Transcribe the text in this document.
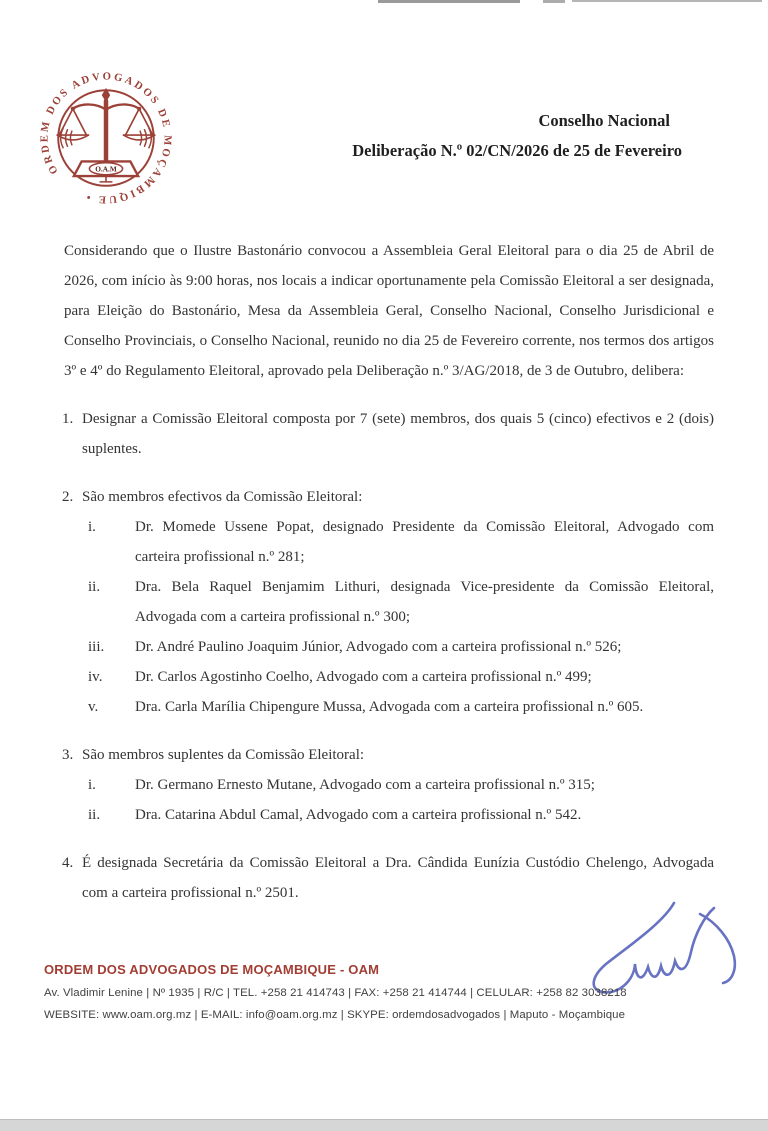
ORDEM DOS ADVOGADOS DE MOÇAMBIQUE •
O.A.M
Conselho Nacional
Deliberação N.º 02/CN/2026 de 25 de Fevereiro

Considerando que o Ilustre Bastonário convocou a Assembleia Geral Eleitoral para o dia 25 de Abril de 2026, com início às 9:00 horas, nos locais a indicar oportunamente pela Comissão Eleitoral a ser designada, para Eleição do Bastonário, Mesa da Assembleia Geral, Conselho Nacional, Conselho Jurisdicional e Conselho Provinciais, o Conselho Nacional, reunido no dia 25 de Fevereiro corrente, nos termos dos artigos 3º e 4º do Regulamento Eleitoral, aprovado pela Deliberação n.º 3/AG/2018, de 3 de Outubro, delibera:

1. Designar a Comissão Eleitoral composta por 7 (sete) membros, dos quais 5 (cinco) efectivos e 2 (dois) suplentes.
2. São membros efectivos da Comissão Eleitoral:
i.	Dr. Momede Ussene Popat, designado Presidente da Comissão Eleitoral, Advogado com carteira profissional n.º 281;
ii.	Dra. Bela Raquel Benjamim Lithuri, designada Vice-presidente da Comissão Eleitoral, Advogada com a carteira profissional n.º 300;
iii.	Dr. André Paulino Joaquim Júnior, Advogado com a carteira profissional n.º 526;
iv.	Dr. Carlos Agostinho Coelho, Advogado com a carteira profissional n.º 499;
v.	Dra. Carla Marília Chipengure Mussa, Advogada com a carteira profissional n.º 605.
3. São membros suplentes da Comissão Eleitoral:
i.	Dr. Germano Ernesto Mutane, Advogado com a carteira profissional n.º 315;
ii.	Dra. Catarina Abdul Camal, Advogado com a carteira profissional n.º 542.
4. É designada Secretária da Comissão Eleitoral a Dra. Cândida Eunízia Custódio Chelengo, Advogada com a carteira profissional n.º 2501.
ORDEM DOS ADVOGADOS DE MOÇAMBIQUE - OAM
Av. Vladimir Lenine | Nº 1935 | R/C | TEL. +258 21 414743 | FAX: +258 21 414744 | CELULAR: +258 82 3038218
WEBSITE: www.oam.org.mz | E-MAIL: info@oam.org.mz | SKYPE: ordemdosadvogados | Maputo - Moçambique
